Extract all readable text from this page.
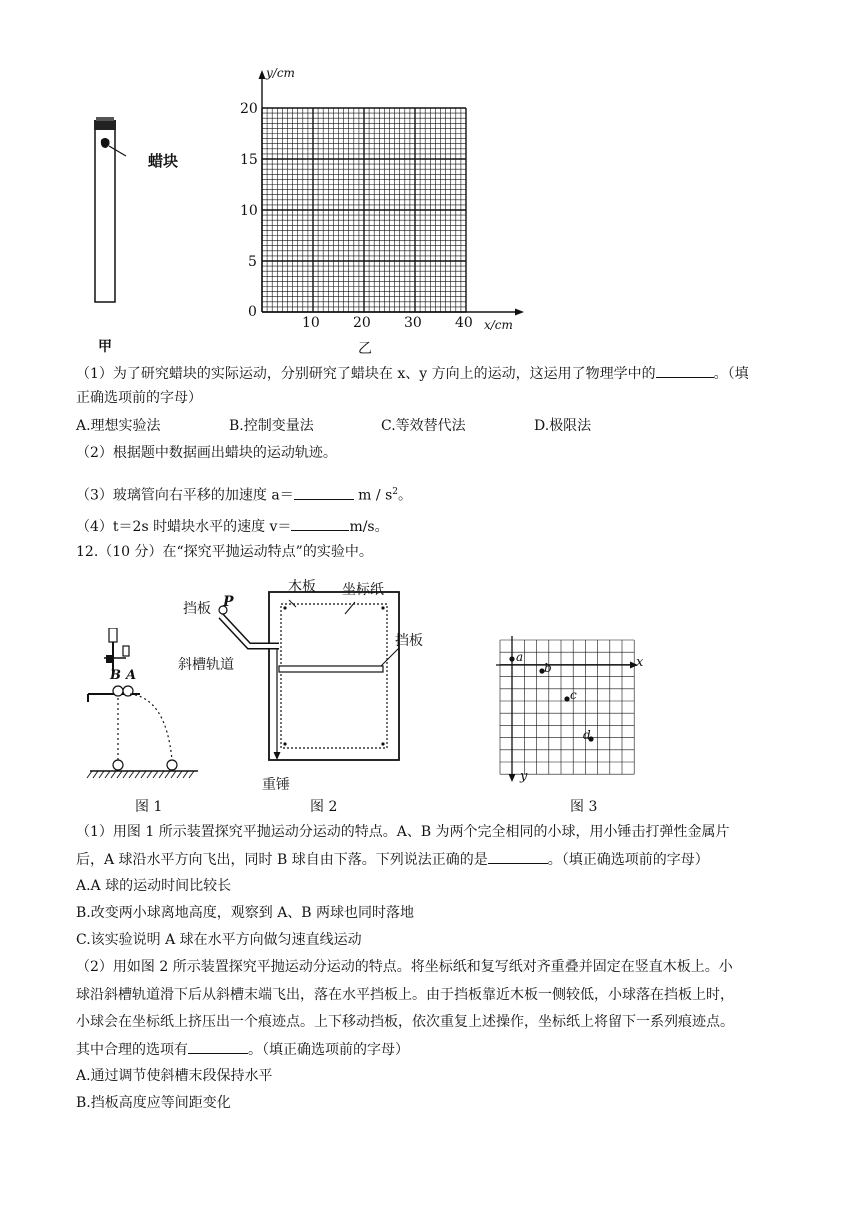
蜡块
甲
y/cm
x/cm
20
15
10
5
0
10 20 30 40
乙
（1）为了研究蜡块的实际运动，分别研究了蜡块在 x、y 方向上的运动，这运用了物理学中的	。（填
正确选项前的字母）
A.理想实验法	B.控制变量法	C.等效替代法	D.极限法
（2）根据题中数据画出蜡块的运动轨迹。
（3）玻璃管向右平移的加速度 a＝	m / $s^2$。
（4）t＝2s 时蜡块水平的速度 v＝	m/s。
12.（10 分）在“探究平抛运动特点”的实验中。
B A
图 1
木板 坐标纸
挡板 P
挡板
斜槽轨道
重锤
图 2
a
b
c
d
x
y
图 3
（1）用图 1 所示装置探究平抛运动分运动的特点。A、B 为两个完全相同的小球，用小锤击打弹性金属片
后，A 球沿水平方向飞出，同时 B 球自由下落。下列说法正确的是	。（填正确选项前的字母）
A.A 球的运动时间比较长
B.改变两小球离地高度，观察到 A、B 两球也同时落地
C.该实验说明 A 球在水平方向做匀速直线运动
（2）用如图 2 所示装置探究平抛运动分运动的特点。将坐标纸和复写纸对齐重叠并固定在竖直木板上。小
球沿斜槽轨道滑下后从斜槽末端飞出，落在水平挡板上。由于挡板靠近木板一侧较低，小球落在挡板上时，
小球会在坐标纸上挤压出一个痕迹点。上下移动挡板，依次重复上述操作，坐标纸上将留下一系列痕迹点。
其中合理的选项有	。（填正确选项前的字母）
A.通过调节使斜槽末段保持水平
B.挡板高度应等间距变化
